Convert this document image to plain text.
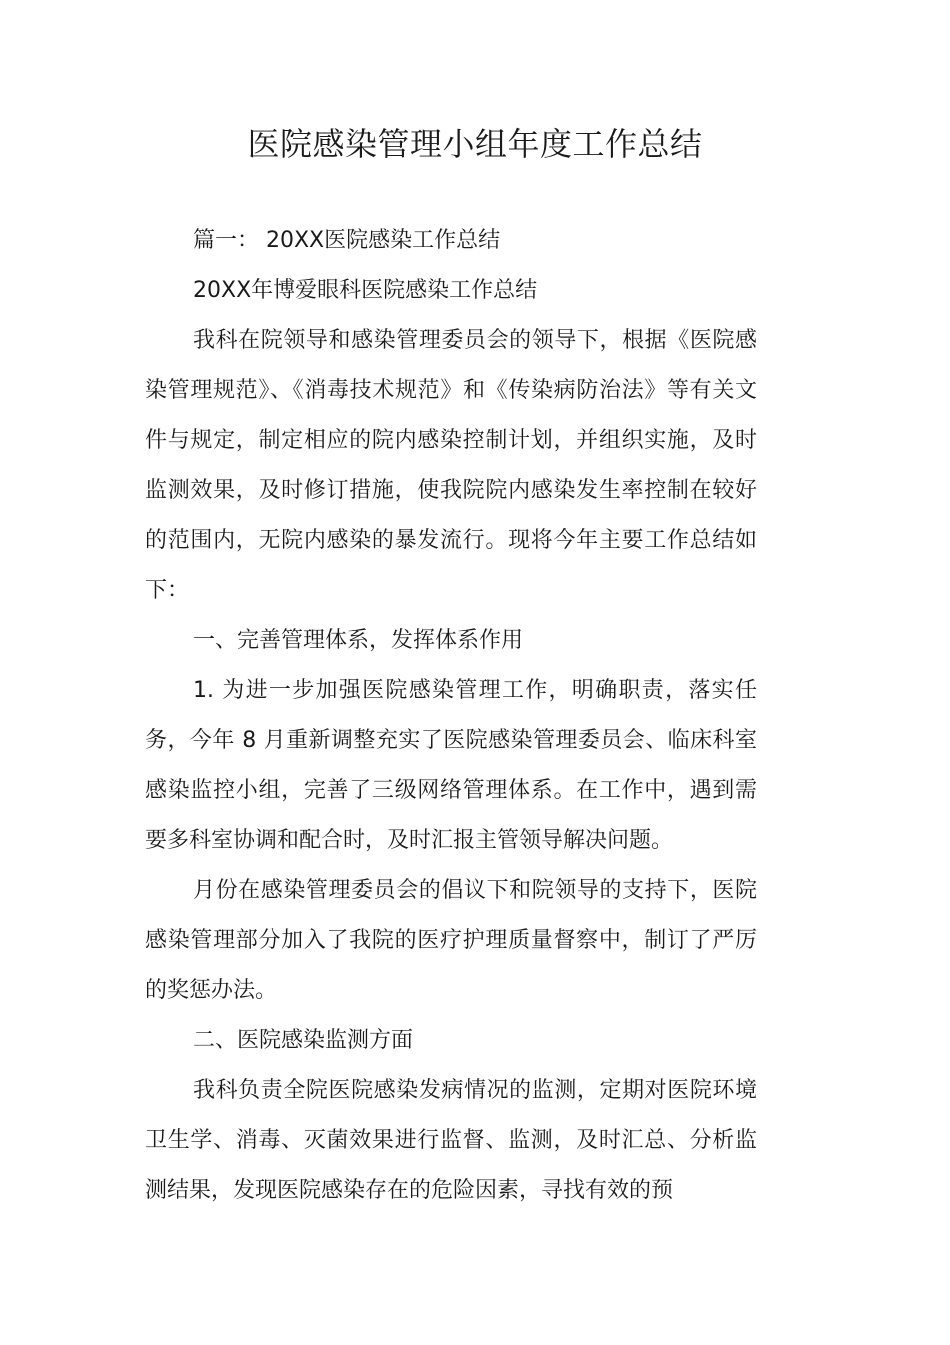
医院感染管理小组年度工作总结

篇一： 20XX医院感染工作总结

20XX年博爱眼科医院感染工作总结

我科在院领导和感染管理委员会的领导下，根据《医院感染管理规范》、《消毒技术规范》和《传染病防治法》等有关文件与规定，制定相应的院内感染控制计划，并组织实施，及时监测效果，及时修订措施，使我院院内感染发生率控制在较好的范围内，无院内感染的暴发流行。现将今年主要工作总结如下：

一、完善管理体系，发挥体系作用

1. 为进一步加强医院感染管理工作，明确职责，落实任务，今年 8 月重新调整充实了医院感染管理委员会、临床科室感染监控小组，完善了三级网络管理体系。在工作中，遇到需要多科室协调和配合时，及时汇报主管领导解决问题。

月份在感染管理委员会的倡议下和院领导的支持下，医院感染管理部分加入了我院的医疗护理质量督察中，制订了严厉的奖惩办法。

二、医院感染监测方面

我科负责全院医院感染发病情况的监测，定期对医院环境卫生学、消毒、灭菌效果进行监督、监测，及时汇总、分析监测结果，发现医院感染存在的危险因素，寻找有效的预
